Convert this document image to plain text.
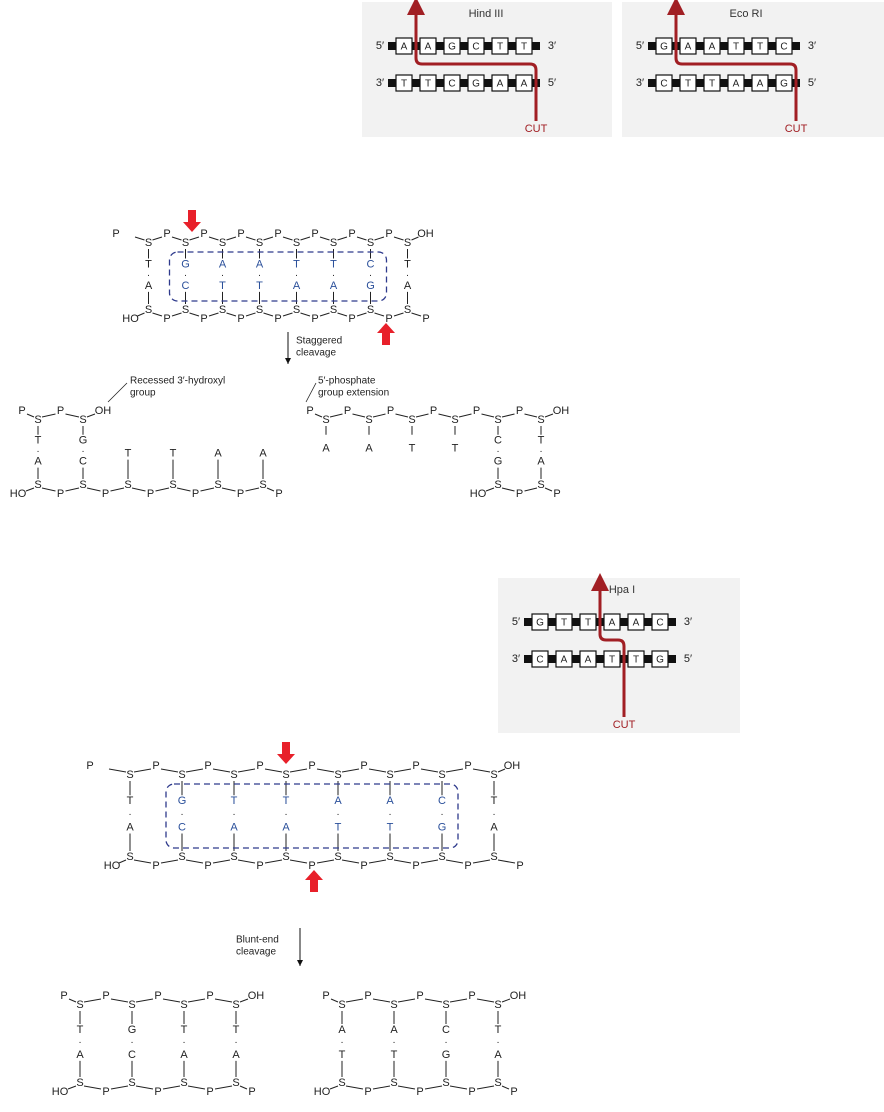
5′	3′
A A G C T T
3′	5′
T T C G A A
Hind III
CUT
5′	3′
G A A T T C
3′	5′
C T T A A G
Eco RI
CUT
5′	3′
G T T A A C
3′	5′
C A A T T G
Hpa I
CUT
P
S
P
S
P
S
P
S
P
S
P
S
P
S
P
S
OH
HO
S
P
S
P
S
P
S
P
S
P
S
P
S
P
S
P
T
·
A
G
·
C
A
·
T
A
·
T
T
·
A
T
·
A
C
·
G
T
·
A
P
S
P
S
P
S
P
S
P
S
P
S
P
S
P
S
OH
HO
S
P
S
P
S
P
S
P
S
P
S
P
S
P
S
P
T
·
A
G
·
C
T
·
A
T
·
A
A
·
T
A
·
T
C
·
G
T
·
A
Staggered
cleavage
Blunt-end
cleavage
S
S
T
·
A
S
S
G
·
C
S
T
S
T
S
A
S
A
P
P	P	P	P	P
P
HO
OH
P
S
A
S
A
S
T
S
T
S
S
C
·
G
S
S
T
·
A
P	P	P	P	P
P
OH
P
HO	P
Recessed 3′-hydroxyl
group
5′-phosphate
group extension
S
S
T
·
A
S
S
G
·
C
S
S
T
·
A
S
S
T
·
A
P
P
P
P
P
P
P
HO
OH
P
S
S
A
·
T
S
S
A
·
T
S
S
C
·
G
S
S
T
·
A
P
P
P
P
P
P
P
HO
OH
P
